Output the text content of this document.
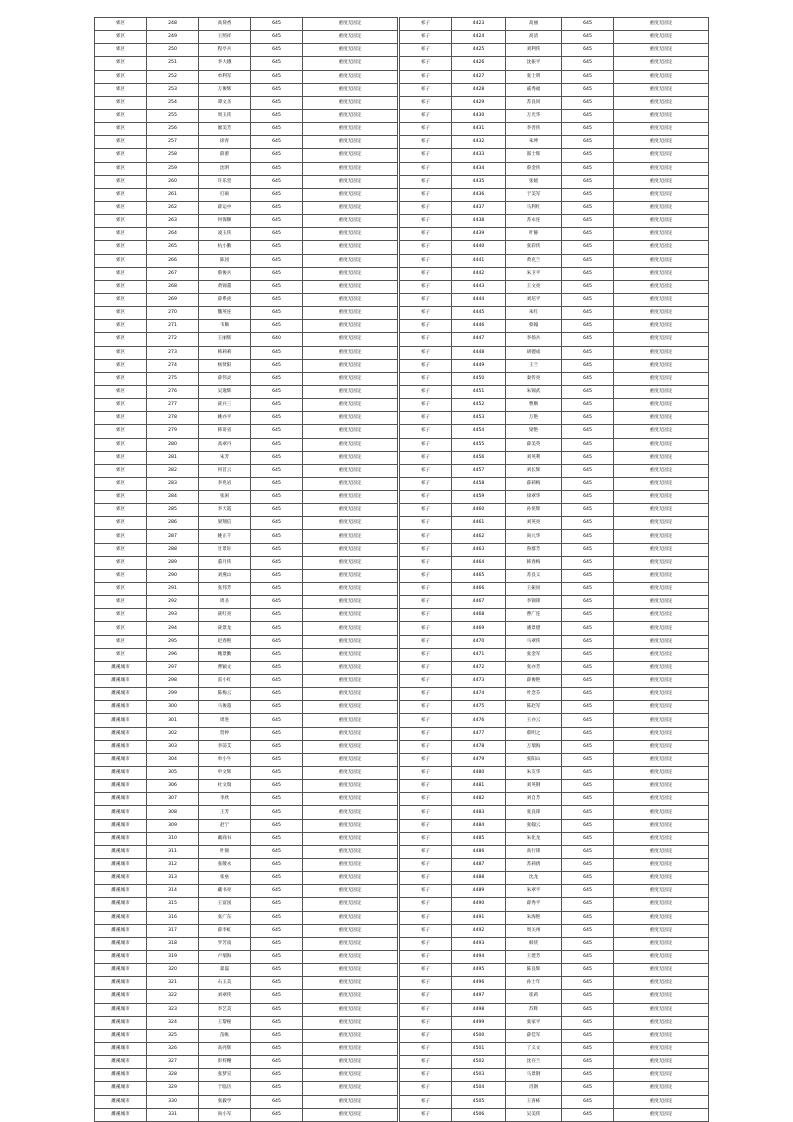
郊区	248	高荷香	645	重度无固定
郊区	249	王照祥	645	重度无固定
郊区	250	程亭兵	645	重度无固定
郊区	251	李大娥	645	重度无固定
郊区	252	单利军	645	重度无固定
郊区	253	万俊辉	645	重度无固定
郊区	254	谭文圣	645	重度无固定
郊区	255	周玉侠	645	重度无固定
郊区	256	廖美芳	645	重度无固定
郊区	257	徐青	645	重度无固定
郊区	258	薛蕾	645	重度无固定
郊区	259	沈明	645	重度无固定
郊区	260	许乐堂	645	重度无固定
郊区	261	打硕	645	重度无固定
郊区	262	薛运中	645	重度无固定
郊区	263	何保顺	645	重度无固定
郊区	264	凌玉侠	645	重度无固定
郊区	265	杭小勤	645	重度无固定
郊区	266	陈园	645	重度无固定
郊区	267	蔡俊兵	645	重度无固定
郊区	268	黄锦董	645	重度无固定
郊区	269	薛系虎	645	重度无固定
郊区	270	魏英连	645	重度无固定
郊区	271	韦顺	645	重度无固定
郊区	272	王丽辉	640	重度无固定
郊区	273	韩莉莉	645	重度无固定
郊区	274	杨贤阳	645	重度无固定
郊区	275	薛伟灵	645	重度无固定
郊区	276	吴逸辉	645	重度无固定
郊区	277	聂兵三	645	重度无固定
郊区	278	姚亦平	645	重度无固定
郊区	279	韩哥省	645	重度无固定
郊区	280	高翠丹	645	重度无固定
郊区	281	朱芳	645	重度无固定
郊区	282	何首云	645	重度无固定
郊区	283	李兆岩	645	重度无固定
郊区	284	张闲	645	重度无固定
郊区	285	李天霞	645	重度无固定
郊区	286	梁翔信	645	重度无固定
郊区	287	姚正千	645	重度无固定
郊区	288	甘景轩	645	重度无固定
郊区	289	董月侠	645	重度无固定
郊区	290	刘燕山	645	重度无固定
郊区	291	张邦芳	645	重度无固定
郊区	292	周圣	645	重度无固定
郊区	293	聂红亮	645	重度无固定
郊区	294	聂景龙	645	重度无固定
郊区	295	赵春艳	645	重度无固定
郊区	296	鲍景勤	645	重度无固定
濉溪城市	297	曹颖文	645	重度无固定
濉溪城市	298	雷小红	645	重度无固定
濉溪城市	299	陈梅云	645	重度无固定
濉溪城市	300	马俊超	645	重度无固定
濉溪城市	301	周进	645	重度无固定
濉溪城市	302	贺婷	645	重度无固定
濉溪城市	303	李前艾	645	重度无固定
濉溪城市	304	单小牛	645	重度无固定
濉溪城市	305	申文辉	645	重度无固定
濉溪城市	306	杜文瑞	645	重度无固定
濉溪城市	307	李欣	645	重度无固定
濉溪城市	308	王芳	645	重度无固定
濉溪城市	309	赵宁	645	重度无固定
濉溪城市	310	戴商书	645	重度无固定
濉溪城市	311	叶锦	645	重度无固定
濉溪城市	312	张敬永	645	重度无固定
濉溪城市	313	张垒	645	重度无固定
濉溪城市	314	藏书亮	645	重度无固定
濉溪城市	315	王富国	645	重度无固定
濉溪城市	316	张广东	645	重度无固定
濉溪城市	317	薛李虹	645	重度无固定
濉溪城市	318	罗芳南	645	重度无固定
濉溪城市	319	卢瑞海	645	重度无固定
濉溪城市	320	翟磊	645	重度无固定
濉溪城市	321	石玉美	645	重度无固定
濉溪城市	322	刘翠侠	645	重度无固定
濉溪城市	323	李艺美	645	重度无固定
濉溪城市	324	王黎秘	645	重度无固定
濉溪城市	325	苗帐	645	重度无固定
濉溪城市	326	高亮辉	645	重度无固定
濉溪城市	327	彭梓榭	645	重度无固定
濉溪城市	328	张梦宣	645	重度无固定
濉溪城市	329	于临历	645	重度无固定
濉溪城市	330	张毅学	645	重度无固定
濉溪城市	331	尚小军	645	重度无固定
祁子	4423	高丽	645	重度无固定
祁子	4424	高清	645	重度无固定
祁子	4425	刘利侠	645	重度无固定
祁子	4426	沈振平	645	重度无固定
祁子	4427	张士明	645	重度无固定
祁子	4428	戚秀福	645	重度无固定
祁子	4429	苏良同	645	重度无固定
祁子	4430	万光华	645	重度无固定
祁子	4431	李善侠	645	重度无固定
祁子	4432	朱坤	645	重度无固定
祁子	4433	邵士辉	645	重度无固定
祁子	4434	蔡金侠	645	重度无固定
祁子	4435	张媛	645	重度无固定
祁子	4436	于美军	645	重度无固定
祁子	4437	马利红	645	重度无固定
祁子	4438	苏永连	645	重度无固定
祁子	4439	叶静	645	重度无固定
祁子	4440	张彩侠	645	重度无固定
祁子	4441	黄克兰	645	重度无固定
祁子	4442	朱卫平	645	重度无固定
祁子	4443	王文亮	645	重度无固定
祁子	4444	刘培平	645	重度无固定
祁子	4445	朱红	645	重度无固定
祁子	4446	蔡翰	645	重度无固定
祁子	4447	李扬兵	645	重度无固定
祁子	4448	胡德成	645	重度无固定
祁子	4449	王兰	645	重度无固定
祁子	4450	秦传亮	645	重度无固定
祁子	4451	朱锦武	645	重度无固定
祁子	4452	曹顺	645	重度无固定
祁子	4453	万艳	645	重度无固定
祁子	4454	梁艳	645	重度无固定
祁子	4455	薛美英	645	重度无固定
祁子	4456	刘英利	645	重度无固定
祁子	4457	刘长辉	645	重度无固定
祁子	4458	薛莉梅	645	重度无固定
祁子	4459	徐翠华	645	重度无固定
祁子	4460	孙侠辉	645	重度无固定
祁子	4461	刘英亮	645	重度无固定
祁子	4462	尚元华	645	重度无固定
祁子	4463	鲁群芳	645	重度无固定
祁子	4464	韩春梅	645	重度无固定
祁子	4465	苏良义	645	重度无固定
祁子	4466	王振同	645	重度无固定
祁子	4467	李锦锋	645	重度无固定
祁子	4468	曹广连	645	重度无固定
祁子	4469	潘景德	645	重度无固定
祁子	4470	马翠侠	645	重度无固定
祁子	4471	张金军	645	重度无固定
祁子	4472	张亦芳	645	重度无固定
祁子	4473	薛俊艳	645	重度无固定
祁子	4474	叶念芬	645	重度无固定
祁子	4475	陈赵军	645	重度无固定
祁子	4476	王亦云	645	重度无固定
祁子	4477	蔡明之	645	重度无固定
祁子	4478	万瑞海	645	重度无固定
祁子	4479	张阳山	645	重度无固定
祁子	4480	朱友华	645	重度无固定
祁子	4481	刘英钢	645	重度无固定
祁子	4482	刘自芳	645	重度无固定
祁子	4483	张良锋	645	重度无固定
祁子	4484	张翰云	645	重度无固定
祁子	4485	朱化龙	645	重度无固定
祁子	4486	高行锋	645	重度无固定
祁子	4487	苏莉倩	645	重度无固定
祁子	4488	沈龙	645	重度无固定
祁子	4489	朱翠平	645	重度无固定
祁子	4490	薛秀平	645	重度无固定
祁子	4491	朱海艳	645	重度无固定
祁子	4492	周关州	645	重度无固定
祁子	4493	韩侠	645	重度无固定
祁子	4494	王建芳	645	重度无固定
祁子	4495	陈良辉	645	重度无固定
祁子	4496	孙士年	645	重度无固定
祁子	4497	崔莉	645	重度无固定
祁子	4498	苏辉	645	重度无固定
祁子	4499	张家平	645	重度无固定
祁子	4500	薛佳军	645	重度无固定
祁子	4501	丁义文	645	重度无固定
祁子	4502	沈存兰	645	重度无固定
祁子	4503	马景钢	645	重度无固定
祁子	4504	肖钢	645	重度无固定
祁子	4505	王喜栋	645	重度无固定
祁子	4506	吴美侠	645	重度无固定
